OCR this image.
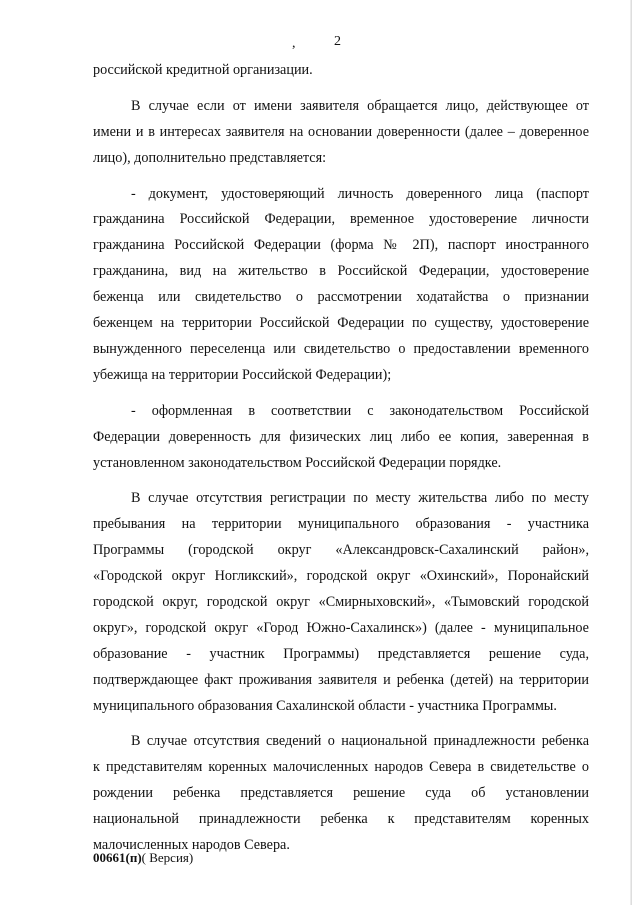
,	2
российской кредитной организации.
В случае если от имени заявителя обращается лицо, действующее от
имени и в интересах заявителя на основании доверенности (далее – доверенное
лицо), дополнительно представляется:
- документ, удостоверяющий личность доверенного лица (паспорт
гражданина Российской Федерации, временное удостоверение личности
гражданина Российской Федерации (форма № 2П), паспорт иностранного
гражданина, вид на жительство в Российской Федерации, удостоверение
беженца или свидетельство о рассмотрении ходатайства о признании
беженцем на территории Российской Федерации по существу, удостоверение
вынужденного переселенца или свидетельство о предоставлении временного
убежища на территории Российской Федерации);
- оформленная в соответствии с законодательством Российской
Федерации доверенность для физических лиц либо ее копия, заверенная в
установленном законодательством Российской Федерации порядке.
В случае отсутствия регистрации по месту жительства либо по месту
пребывания на территории муниципального образования - участника
Программы (городской округ «Александровск-Сахалинский район»,
«Городской округ Ногликский», городской округ «Охинский», Поронайский
городской округ, городской округ «Смирныховский», «Тымовский городской
округ», городской округ «Город Южно-Сахалинск») (далее - муниципальное
образование - участник Программы) представляется решение суда,
подтверждающее факт проживания заявителя и ребенка (детей) на территории
муниципального образования Сахалинской области - участника Программы.
В случае отсутствия сведений о национальной принадлежности ребенка
к представителям коренных малочисленных народов Севера в свидетельстве о
рождении ребенка представляется решение суда об установлении
национальной принадлежности ребенка к представителям коренных
малочисленных народов Севера.
00661(п)( Версия)
